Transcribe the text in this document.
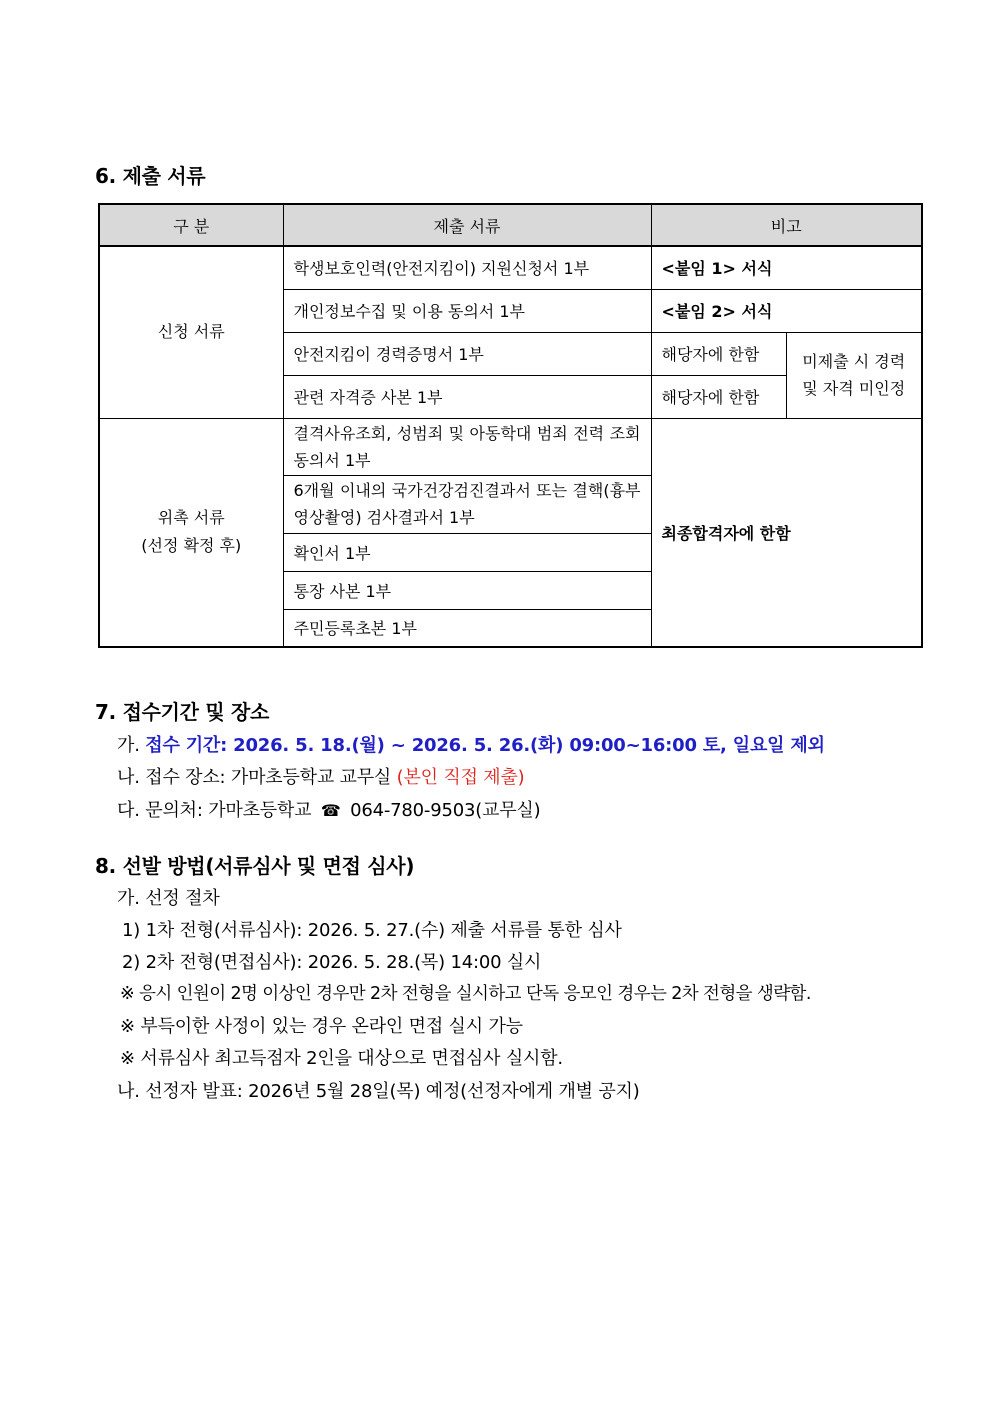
6. 제출 서류
구 분	제출 서류	비고	
신청 서류	학생보호인력(안전지킴이) 지원신청서 1부	<붙임 1> 서식	
	개인정보수집 및 이용 동의서 1부	<붙임 2> 서식	
	안전지킴이 경력증명서 1부	해당자에 한함	미제출 시 경력 및 자격 미인정
	관련 자격증 사본 1부	해당자에 한함	
위촉 서류
(선정 확정 후)	결격사유조회, 성범죄 및 아동학대 범죄 전력 조회 동의서 1부	최종합격자에 한함	
	6개월 이내의 국가건강검진결과서 또는 결핵(흉부영상촬영) 검사결과서 1부		
	확인서 1부		
	통장 사본 1부		
	주민등록초본 1부		
7. 접수기간 및 장소
가. 접수 기간: 2026. 5. 18.(월) ~ 2026. 5. 26.(화) 09:00~16:00 토, 일요일 제외
나. 접수 장소: 가마초등학교 교무실 (본인 직접 제출)
다. 문의처: 가마초등학교 ☎ 064-780-9503(교무실)
8. 선발 방법(서류심사 및 면접 심사)
가. 선정 절차
1) 1차 전형(서류심사): 2026. 5. 27.(수) 제출 서류를 통한 심사
2) 2차 전형(면접심사): 2026. 5. 28.(목) 14:00 실시
※ 응시 인원이 2명 이상인 경우만 2차 전형을 실시하고 단독 응모인 경우는 2차 전형을 생략함.
※ 부득이한 사정이 있는 경우 온라인 면접 실시 가능
※ 서류심사 최고득점자 2인을 대상으로 면접심사 실시함.
나. 선정자 발표: 2026년 5월 28일(목) 예정(선정자에게 개별 공지)
